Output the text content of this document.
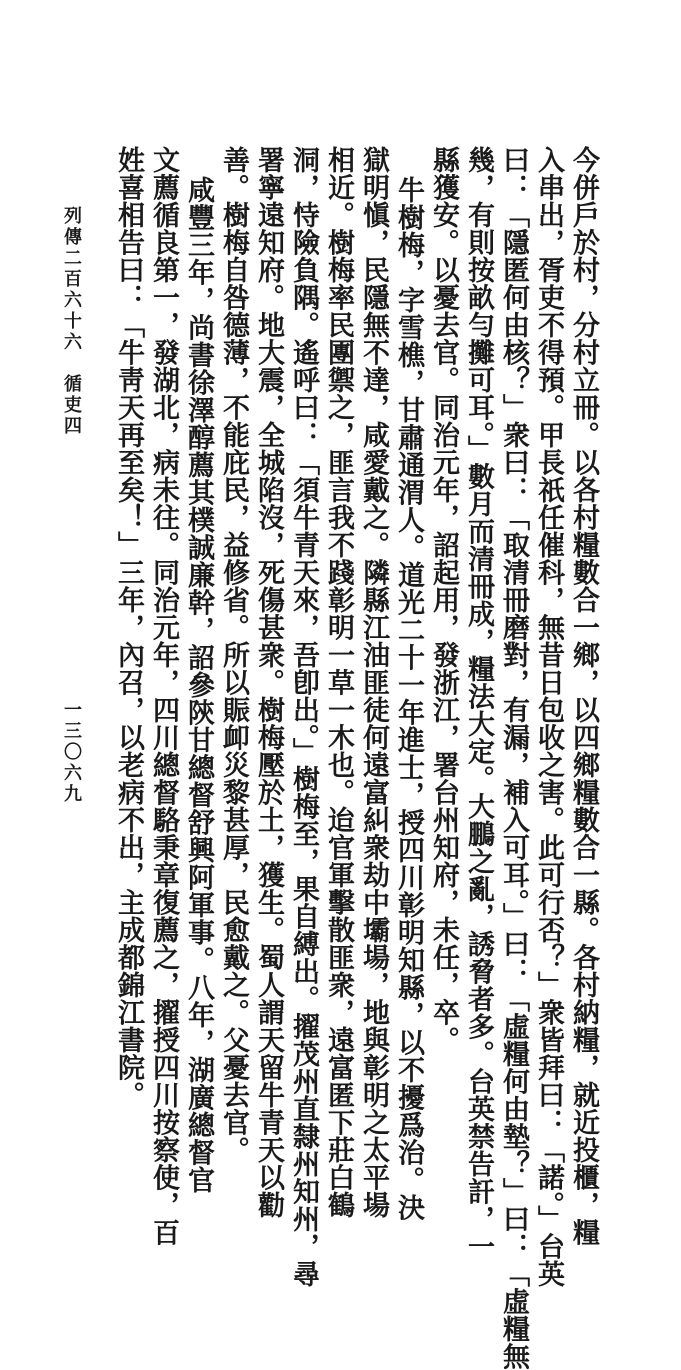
今併戶於村，分村立冊。以各村糧數合一鄉，以四鄉糧數合一縣。各村納糧，就近投櫃，糧
入串出，胥吏不得預。甲長祇任催科，無昔日包收之害。此可行否？」衆皆拜曰：「諾。」台英
曰：「隱匿何由核？」衆曰：「取清冊磨對，有漏，補入可耳。」曰：「虛糧何由墊？」曰：「虛糧無
幾，有則按畝勻攤可耳。」數月而清冊成，糧法大定。大鵬之亂，誘脅者多。台英禁告訐，一
縣獲安。以憂去官。同治元年，詔起用，發浙江，署台州知府，未任，卒。
牛樹梅，字雪樵，甘肅通渭人。道光二十一年進士，授四川彰明知縣，以不擾爲治。決
獄明愼，民隱無不達，咸愛戴之。隣縣江油匪徒何遠富糾衆劫中壩場，地與彰明之太平場
相近。樹梅率民團禦之，匪言我不踐彰明一草一木也。迨官軍擊散匪衆，遠富匿下莊白鶴
洞，恃險負隅。遙呼曰：「須牛青天來，吾卽出。」樹梅至，果自縛出。擢茂州直隸州知州，尋
署寧遠知府。地大震，全城陷沒，死傷甚衆。樹梅壓於土，獲生。蜀人謂天留牛青天以勸
善。樹梅自咎德薄，不能庇民，益修省。所以賑卹災黎甚厚，民愈戴之。父憂去官。
咸豐三年，尚書徐澤醇薦其樸誠廉幹，詔參陝甘總督舒興阿軍事。八年，湖廣總督官
文薦循良第一，發湖北，病未往。同治元年，四川總督駱秉章復薦之，擢授四川按察使，百
姓喜相告曰：「牛靑天再至矣！」三年，內召，以老病不出，主成都錦江書院。
列傳二百六十六　循吏四
一三〇六九
